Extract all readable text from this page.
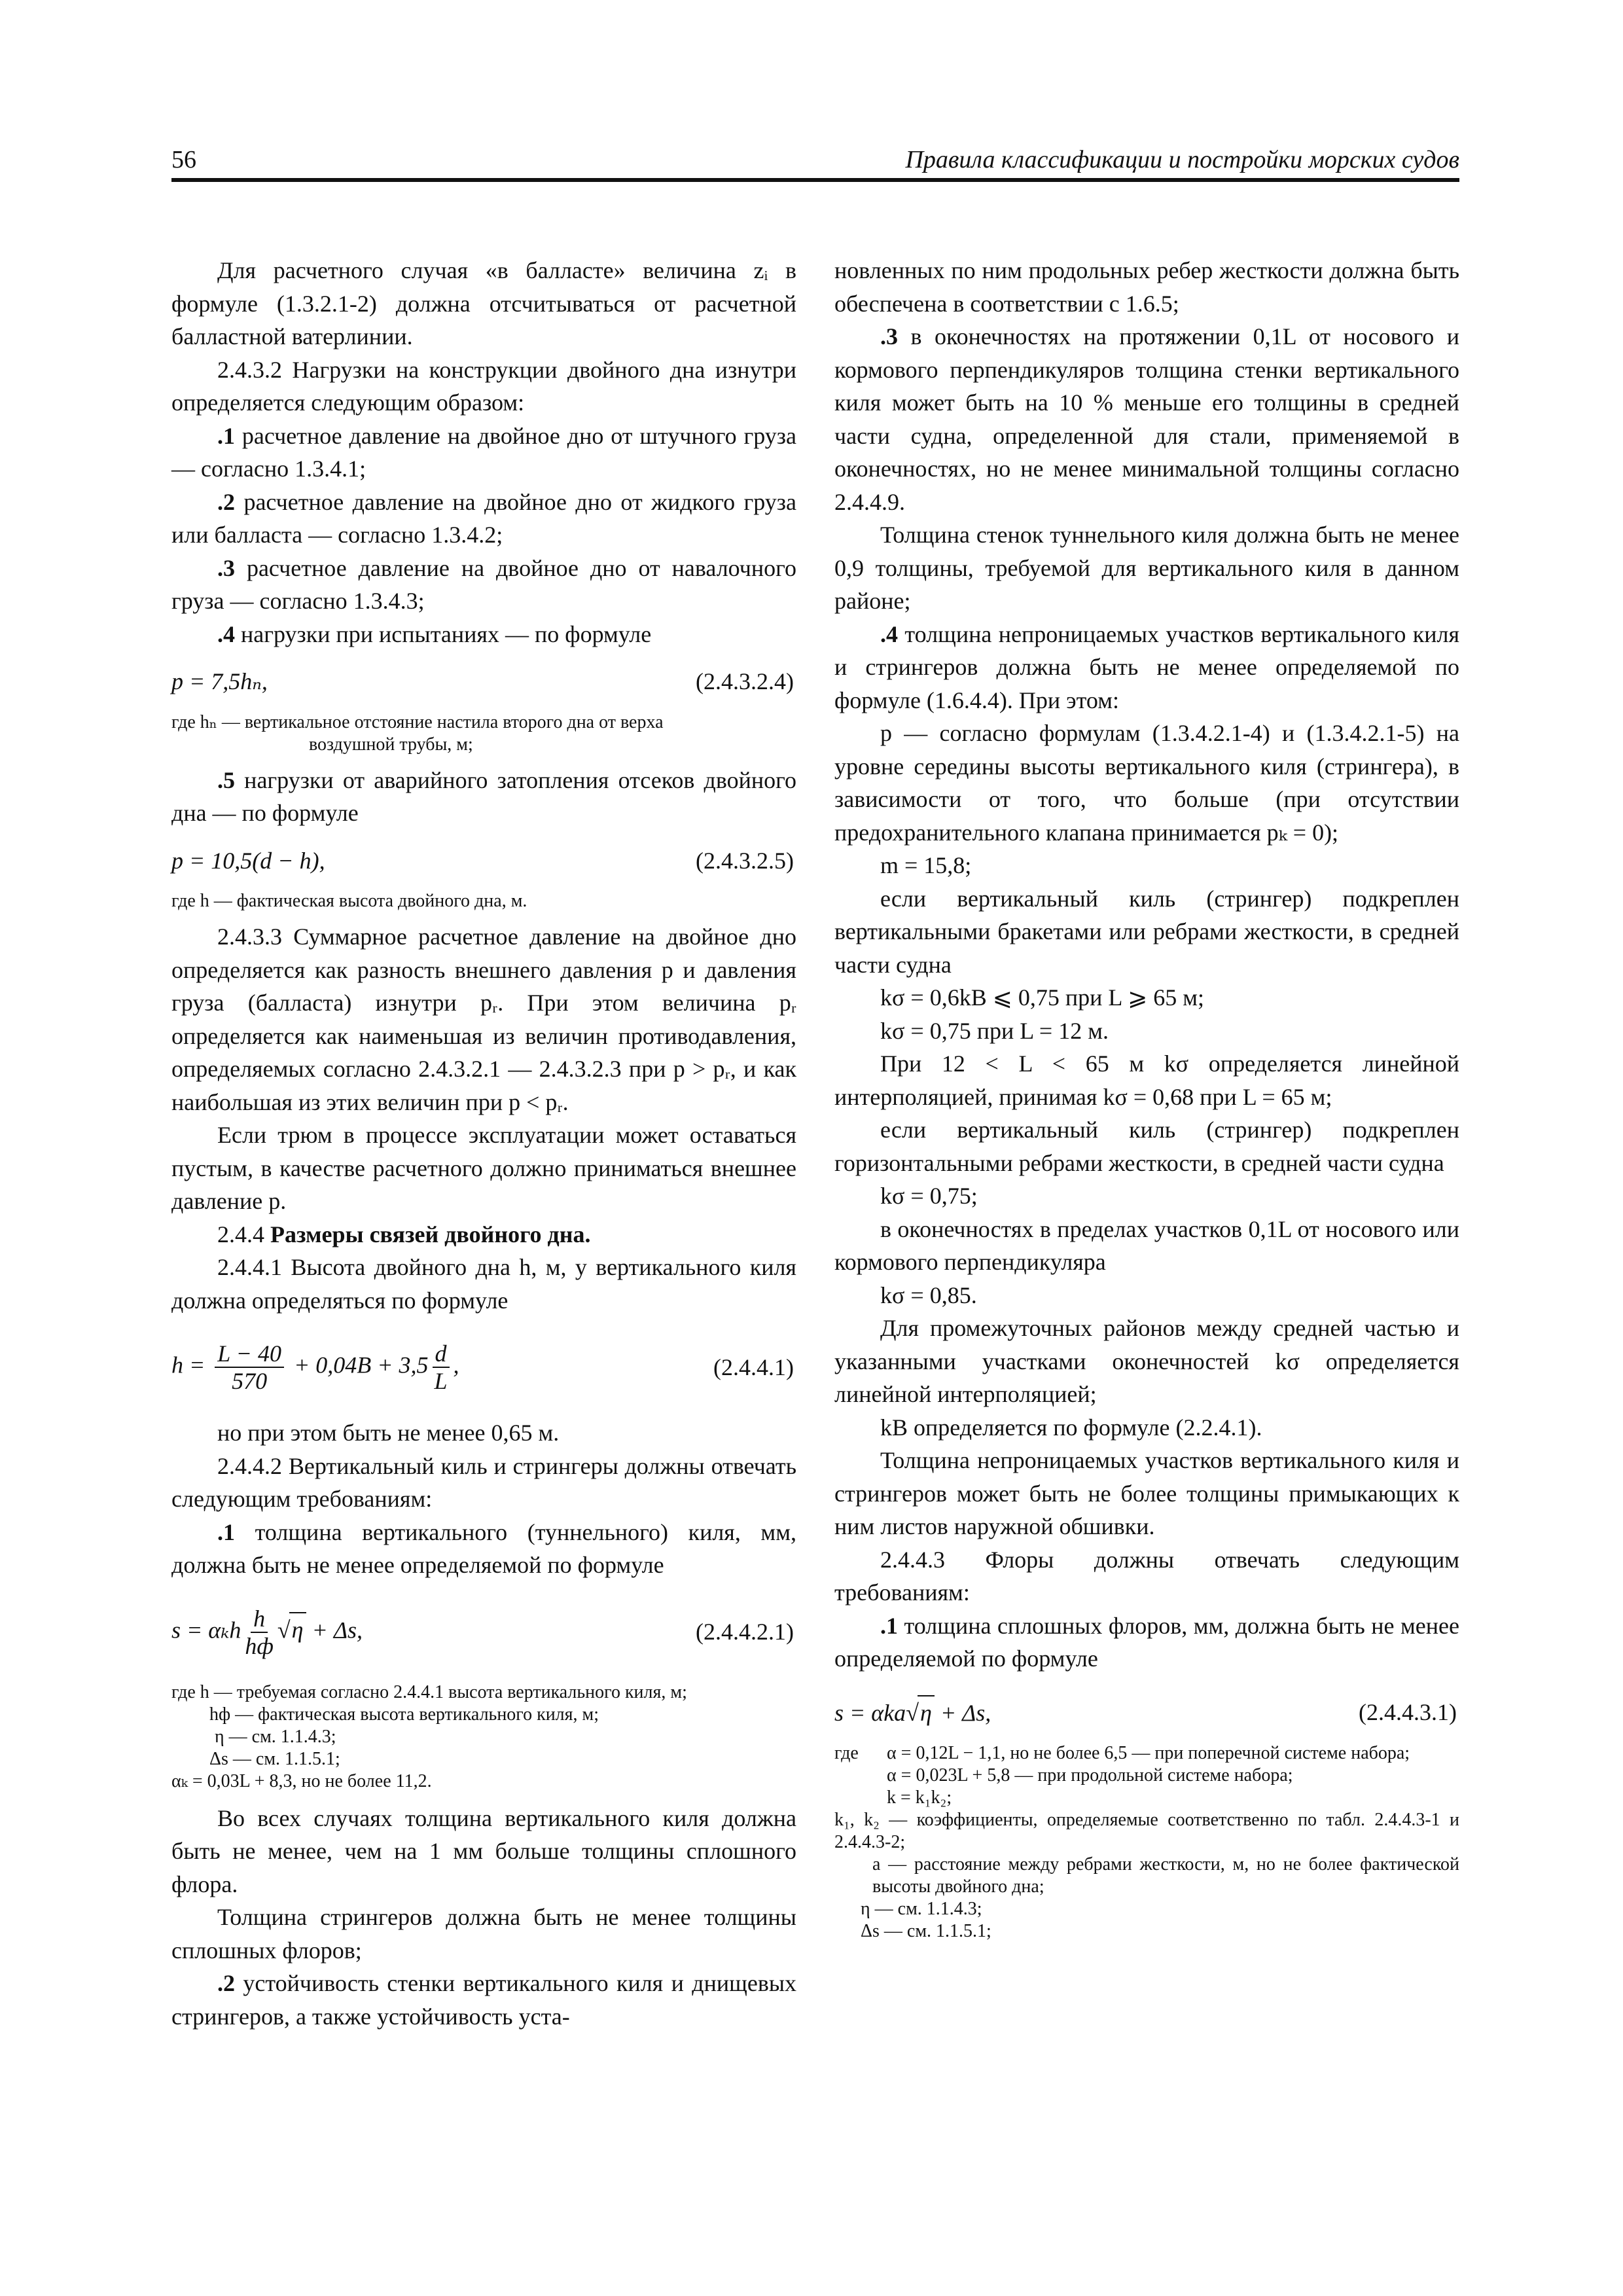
56	Правила классификации и постройки морских судов

Для расчетного случая «в балласте» величина zᵢ в формуле (1.3.2.1-2) должна отсчитываться от расчетной балластной ватерлинии.

2.4.3.2 Нагрузки на конструкции двойного дна изнутри определяется следующим образом:

.1 расчетное давление на двойное дно от штучного груза — согласно 1.3.4.1;

.2 расчетное давление на двойное дно от жидкого груза или балласта — согласно 1.3.4.2;

.3 расчетное давление на двойное дно от навалочного груза — согласно 1.3.4.3;

.4 нагрузки при испытаниях — по формуле

p = 7,5hₙ,	(2.4.3.2.4)
где hₙ — вертикальное отстояние настила второго дна от верха
воздушной трубы, м;

.5 нагрузки от аварийного затопления отсеков двойного дна — по формуле

p = 10,5(d − h),	(2.4.3.2.5)
где h — фактическая высота двойного дна, м.

2.4.3.3 Суммарное расчетное давление на двойное дно определяется как разность внешнего давления p и давления груза (балласта) изнутри pᵣ. При этом величина pᵣ определяется как наименьшая из величин противодавления, определяемых согласно 2.4.3.2.1 — 2.4.3.2.3 при p > pᵣ, и как наибольшая из этих величин при p < pᵣ.

Если трюм в процессе эксплуатации может оставаться пустым, в качестве расчетного должно приниматься внешнее давление p.

2.4.4 Размеры связей двойного дна.

2.4.4.1 Высота двойного дна h, м, у вертикального киля должна определяться по формуле

$h = \frac{L - 40}{570} + 0,04B + 3,5 \frac{d}{L}$ ,	(2.4.4.1)

но при этом быть не менее 0,65 м.

2.4.4.2 Вертикальный киль и стрингеры должны отвечать следующим требованиям:

.1 толщина вертикального (туннельного) киля, мм, должна быть не менее определяемой по формуле

s = αₖh $\frac{h}{hф} √\eta + \Delta s$,	(2.4.4.2.1)
где h — требуемая согласно 2.4.4.1 высота вертикального киля, м;
hф — фактическая высота вертикального киля, м;
η — см. 1.1.4.3;
Δs — см. 1.1.5.1;
αₖ = 0,03L + 8,3, но не более 11,2.

Во всех случаях толщина вертикального киля должна быть не менее, чем на 1 мм больше толщины сплошного флора.

Толщина стрингеров должна быть не менее толщины сплошных флоров;

.2 устойчивость стенки вертикального киля и днищевых стрингеров, а также устойчивость уста-

новленных по ним продольных ребер жесткости должна быть обеспечена в соответствии с 1.6.5;

.3 в оконечностях на протяжении 0,1L от носового и кормового перпендикуляров толщина стенки вертикального киля может быть на 10 % меньше его толщины в средней части судна, определенной для стали, применяемой в оконечностях, но не менее минимальной толщины согласно 2.4.4.9.

Толщина стенок туннельного киля должна быть не менее 0,9 толщины, требуемой для вертикального киля в данном районе;

.4 толщина непроницаемых участков вертикального киля и стрингеров должна быть не менее определяемой по формуле (1.6.4.4). При этом:

p — согласно формулам (1.3.4.2.1-4) и (1.3.4.2.1-5) на уровне середины высоты вертикального киля (стрингера), в зависимости от того, что больше (при отсутствии предохранительного клапана принимается pₖ = 0);

m = 15,8;

если вертикальный киль (стрингер) подкреплен вертикальными бракетами или ребрами жесткости, в средней части судна

kσ = 0,6kB ⩽ 0,75 при L ⩾ 65 м;

kσ = 0,75 при L = 12 м.

При 12 < L < 65 м kσ определяется линейной интерполяцией, принимая kσ = 0,68 при L = 65 м;

если вертикальный киль (стрингер) подкреплен горизонтальными ребрами жесткости, в средней части судна

kσ = 0,75;

в оконечностях в пределах участков 0,1L от носового или кормового перпендикуляра

kσ = 0,85.

Для промежуточных районов между средней частью и указанными участками оконечностей kσ определяется линейной интерполяцией;

kB определяется по формуле (2.2.4.1).

Толщина непроницаемых участков вертикального киля и стрингеров может быть не более толщины примыкающих к ним листов наружной обшивки.

2.4.4.3 Флоры должны отвечать следующим требованиям:

.1 толщина сплошных флоров, мм, должна быть не менее определяемой по формуле

s = αka√η + Δs,	(2.4.4.3.1)
где	α = 0,12L − 1,1, но не более 6,5 — при поперечной системе набора;
α = 0,023L + 5,8 — при продольной системе набора;
k = k₁k₂;
k₁, k₂ — коэффициенты, определяемые соответственно по табл. 2.4.4.3-1 и 2.4.4.3-2;
a — расстояние между ребрами жесткости, м, но не более фактической высоты двойного дна;
η — см. 1.1.4.3;
Δs — см. 1.1.5.1;
